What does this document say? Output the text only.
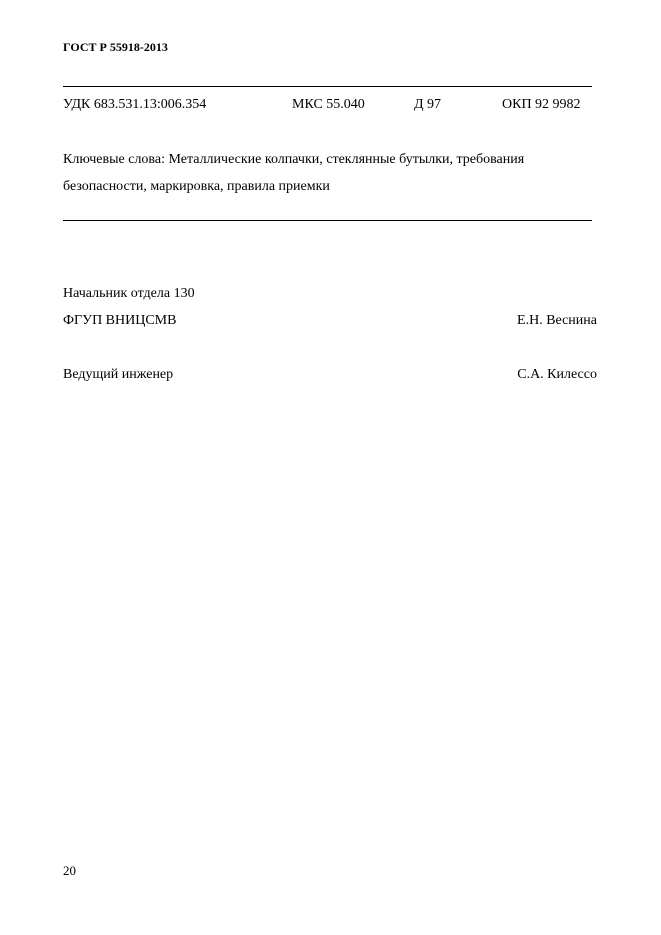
ГОСТ Р 55918-2013
УДК 683.531.13:006.354	МКС 55.040	Д 97	ОКП 92 9982
Ключевые слова: Металлические колпачки, стеклянные бутылки, требования
безопасности, маркировка, правила приемки
Начальник отдела 130
ФГУП ВНИЦСМВ	Е.Н. Веснина
Ведущий инженер	С.А. Килессо
20
